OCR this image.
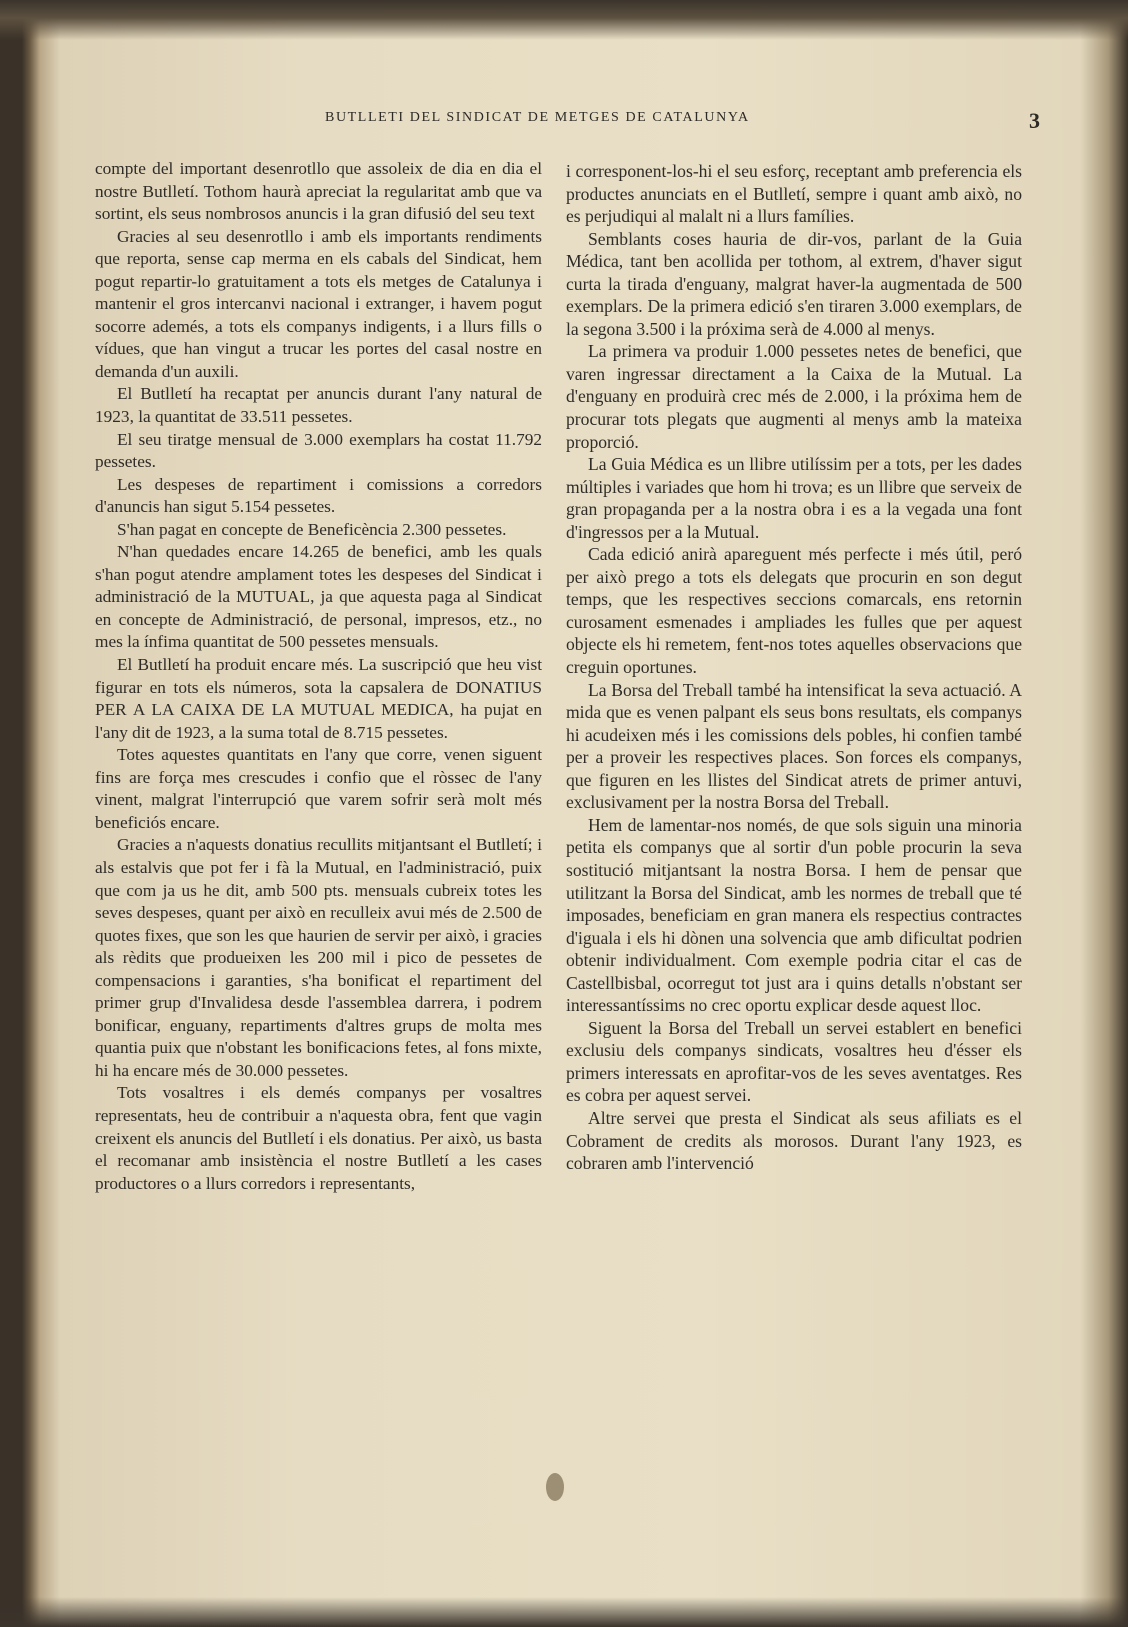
BUTLLETI DEL SINDICAT DE METGES DE CATALUNYA	3

compte del important desenrotllo que assoleix de dia en dia el nostre Butlletí. Tothom haurà apreciat la regularitat amb que va sortint, els seus nombrosos anuncis i la gran difusió del seu text

Gracies al seu desenrotllo i amb els importants rendiments que reporta, sense cap merma en els cabals del Sindicat, hem pogut repartir-lo gratuitament a tots els metges de Catalunya i mantenir el gros intercanvi nacional i extranger, i havem pogut socorre ademés, a tots els companys indigents, i a llurs fills o vídues, que han vingut a trucar les portes del casal nostre en demanda d'un auxili.

El Butlletí ha recaptat per anuncis durant l'any natural de 1923, la quantitat de 33.511 pessetes.

El seu tiratge mensual de 3.000 exemplars ha costat 11.792 pessetes.

Les despeses de repartiment i comissions a corredors d'anuncis han sigut 5.154 pessetes.

S'han pagat en concepte de Beneficència 2.300 pessetes.

N'han quedades encare 14.265 de benefici, amb les quals s'han pogut atendre amplament totes les despeses del Sindicat i administració de la MUTUAL, ja que aquesta paga al Sindicat en concepte de Administració, de personal, impresos, etz., no mes la ínfima quantitat de 500 pessetes mensuals.

El Butlletí ha produit encare més. La suscripció que heu vist figurar en tots els números, sota la capsalera de DONATIUS PER A LA CAIXA DE LA MUTUAL MEDICA, ha pujat en l'any dit de 1923, a la suma total de 8.715 pessetes.

Totes aquestes quantitats en l'any que corre, venen siguent fins are força mes crescudes i confio que el ròssec de l'any vinent, malgrat l'interrupció que varem sofrir serà molt més beneficiós encare.

Gracies a n'aquests donatius recullits mitjantsant el Butlletí; i als estalvis que pot fer i fà la Mutual, en l'administració, puix que com ja us he dit, amb 500 pts. mensuals cubreix totes les seves despeses, quant per això en reculleix avui més de 2.500 de quotes fixes, que son les que haurien de servir per això, i gracies als rèdits que produeixen les 200 mil i pico de pessetes de compensacions i garanties, s'ha bonificat el repartiment del primer grup d'Invalidesa desde l'assemblea darrera, i podrem bonificar, enguany, repartiments d'altres grups de molta mes quantia puix que n'obstant les bonificacions fetes, al fons mixte, hi ha encare més de 30.000 pessetes.

Tots vosaltres i els demés companys per vosaltres representats, heu de contribuir a n'aquesta obra, fent que vagin creixent els anuncis del Butlletí i els donatius. Per això, us basta el recomanar amb insistència el nostre Butlletí a les cases productores o a llurs corredors i representants,

i corresponent-los-hi el seu esforç, receptant amb preferencia els productes anunciats en el Butlletí, sempre i quant amb això, no es perjudiqui al malalt ni a llurs famílies.

Semblants coses hauria de dir-vos, parlant de la Guia Médica, tant ben acollida per tothom, al extrem, d'haver sigut curta la tirada d'enguany, malgrat haver-la augmentada de 500 exemplars. De la primera edició s'en tiraren 3.000 exemplars, de la segona 3.500 i la próxima serà de 4.000 al menys.

La primera va produir 1.000 pessetes netes de benefici, que varen ingressar directament a la Caixa de la Mutual. La d'enguany en produirà crec més de 2.000, i la próxima hem de procurar tots plegats que augmenti al menys amb la mateixa proporció.

La Guia Médica es un llibre utilíssim per a tots, per les dades múltiples i variades que hom hi trova; es un llibre que serveix de gran propaganda per a la nostra obra i es a la vegada una font d'ingressos per a la Mutual.

Cada edició anirà apareguent més perfecte i més útil, peró per això prego a tots els delegats que procurin en son degut temps, que les respectives seccions comarcals, ens retornin curosament esmenades i ampliades les fulles que per aquest objecte els hi remetem, fent-nos totes aquelles observacions que creguin oportunes.

La Borsa del Treball també ha intensificat la seva actuació. A mida que es venen palpant els seus bons resultats, els companys hi acudeixen més i les comissions dels pobles, hi confien també per a proveir les respectives places. Son forces els companys, que figuren en les llistes del Sindicat atrets de primer antuvi, exclusivament per la nostra Borsa del Treball.

Hem de lamentar-nos només, de que sols siguin una minoria petita els companys que al sortir d'un poble procurin la seva sostitució mitjantsant la nostra Borsa. I hem de pensar que utilitzant la Borsa del Sindicat, amb les normes de treball que té imposades, beneficiam en gran manera els respectius contractes d'iguala i els hi dònen una solvencia que amb dificultat podrien obtenir individualment. Com exemple podria citar el cas de Castellbisbal, ocorregut tot just ara i quins detalls n'obstant ser interessantíssims no crec oportu explicar desde aquest lloc.

Siguent la Borsa del Treball un servei establert en benefici exclusiu dels companys sindicats, vosaltres heu d'ésser els primers interessats en aprofitar-vos de les seves aventatges. Res es cobra per aquest servei.

Altre servei que presta el Sindicat als seus afiliats es el Cobrament de credits als morosos. Durant l'any 1923, es cobraren amb l'intervenció
